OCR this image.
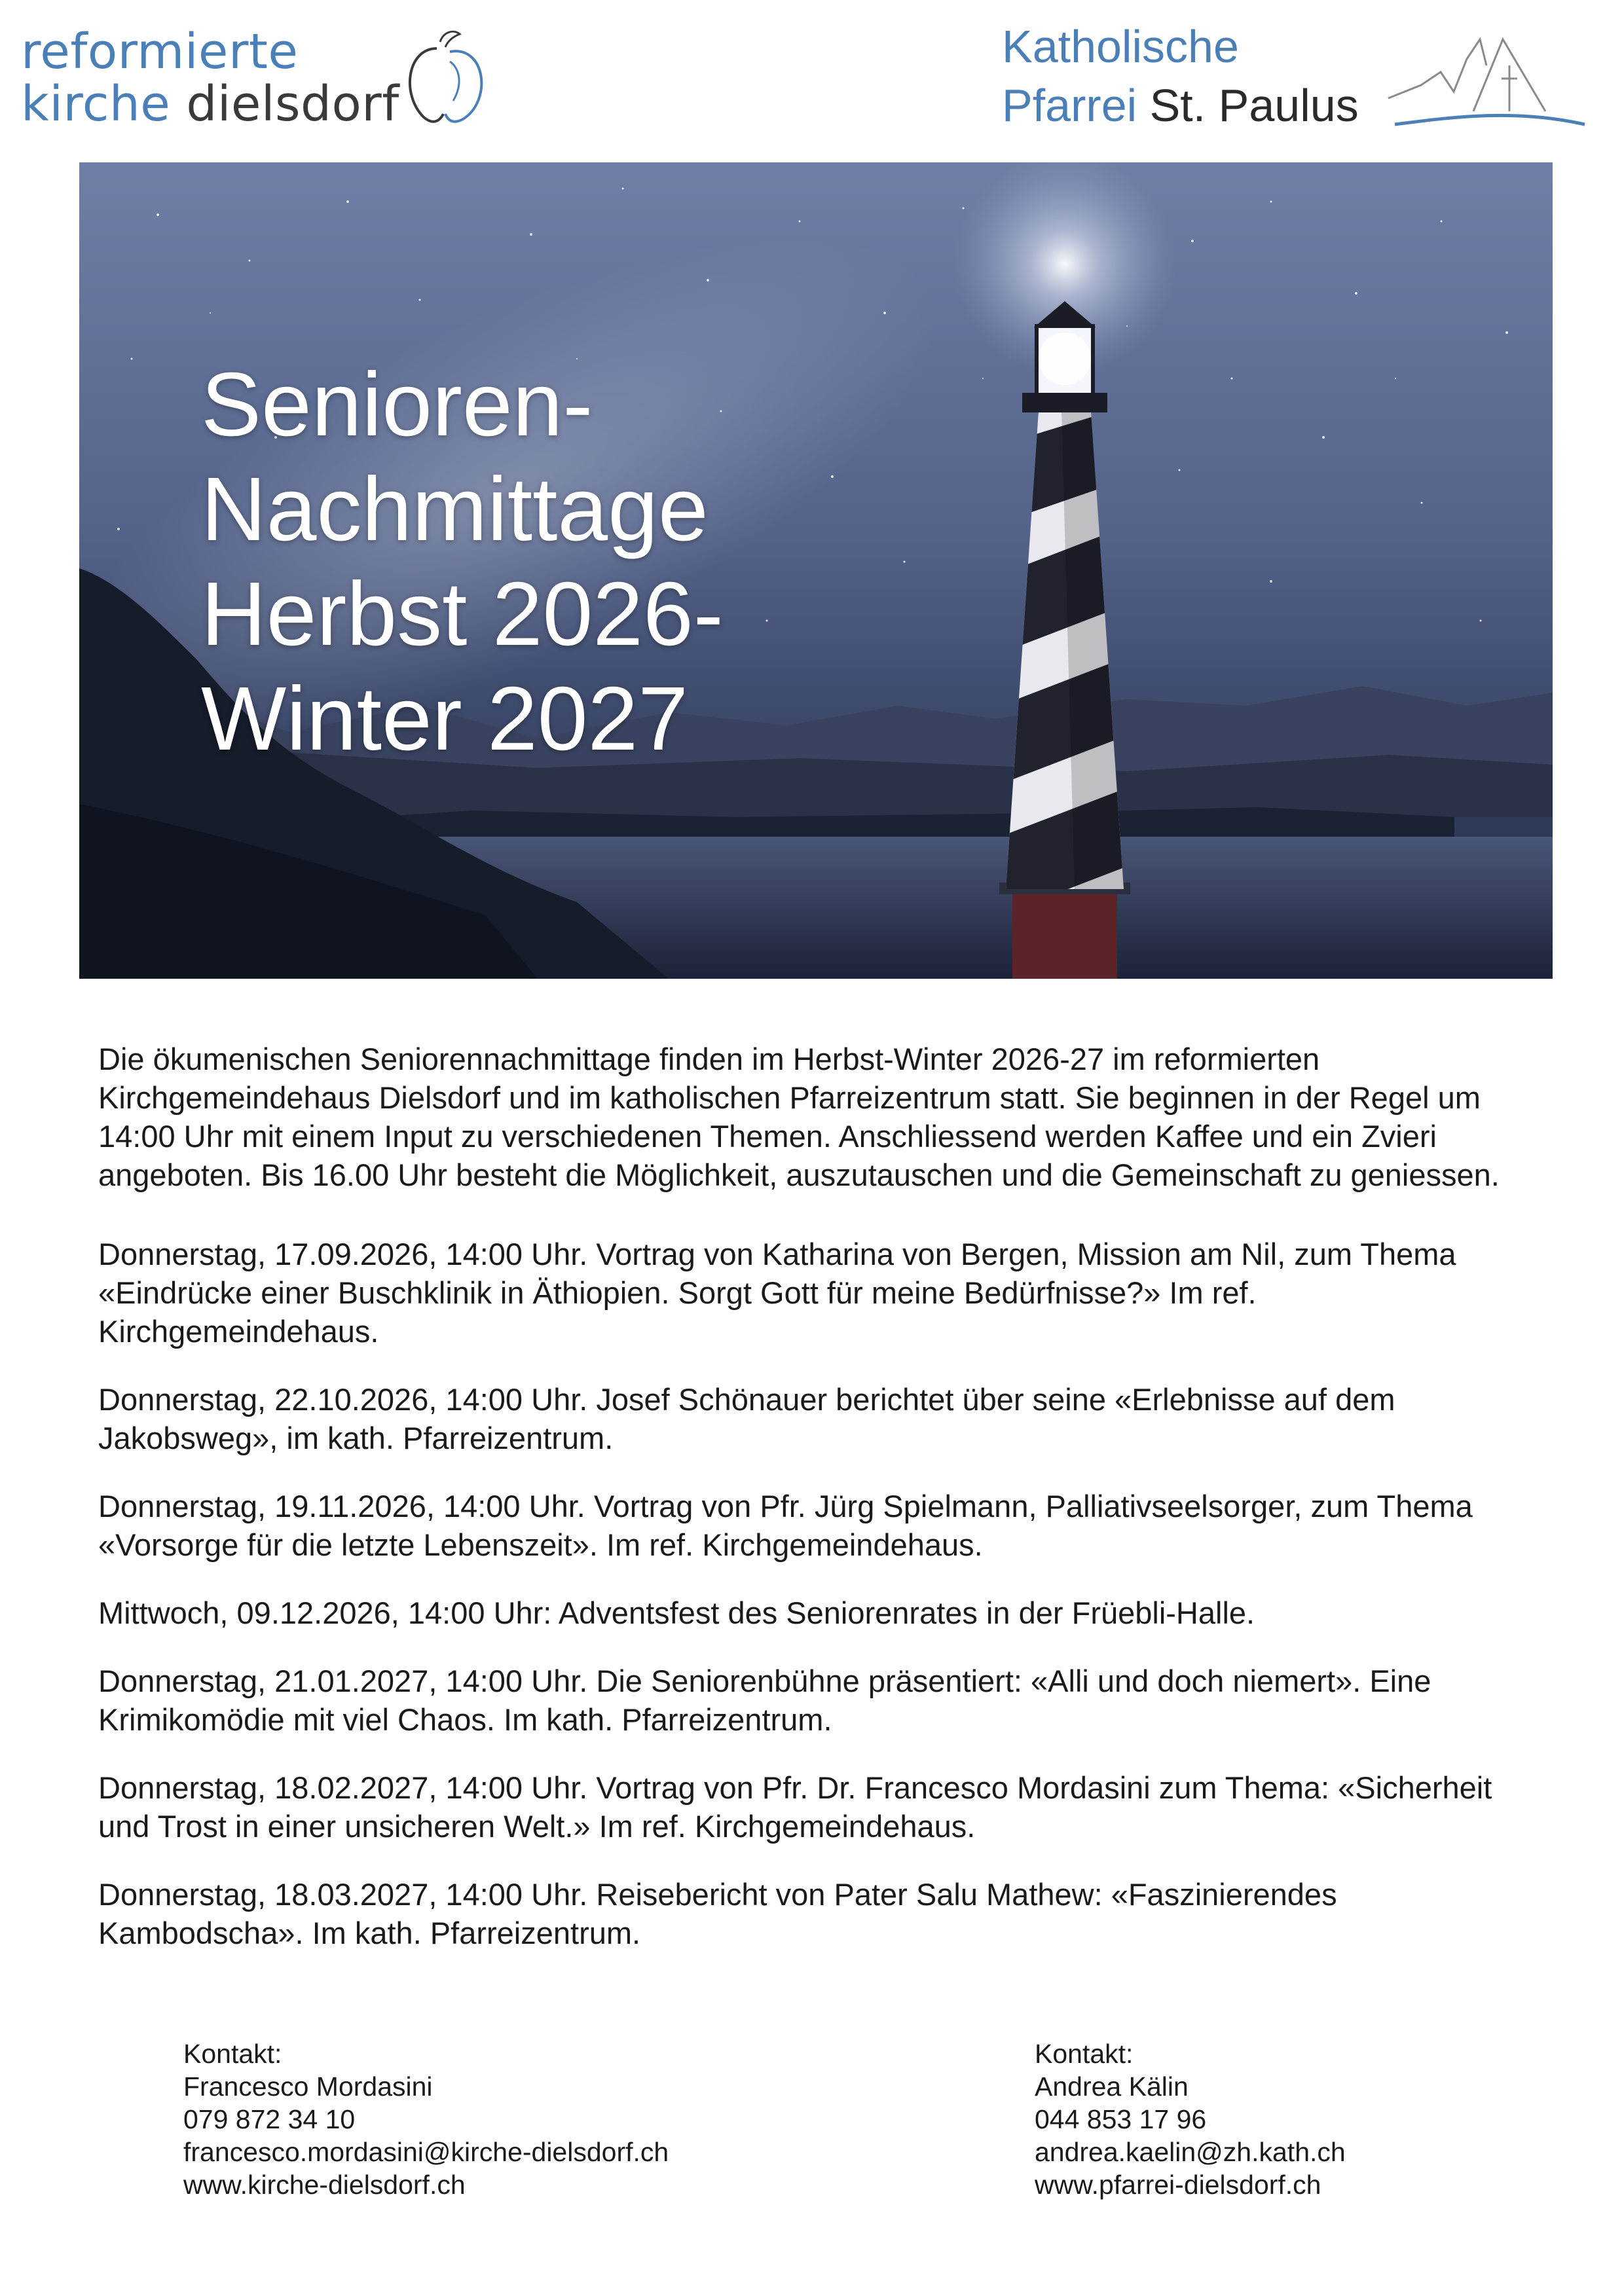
reformierte
kirche dielsdorf
Katholische
Pfarrei St. Paulus
Senioren-
Nachmittage
Herbst 2026-
Winter 2027

Die ökumenischen Seniorennachmittage finden im Herbst-Winter 2026-27 im reformierten Kirchgemeindehaus Dielsdorf und im katholischen Pfarreizentrum statt. Sie beginnen in der Regel um 14:00 Uhr mit einem Input zu verschiedenen Themen. Anschliessend werden Kaffee und ein Zvieri angeboten. Bis 16.00 Uhr besteht die Möglichkeit, auszutauschen und die Gemeinschaft zu geniessen.

Donnerstag, 17.09.2026, 14:00 Uhr. Vortrag von Katharina von Bergen, Mission am Nil, zum Thema «Eindrücke einer Buschklinik in Äthiopien. Sorgt Gott für meine Bedürfnisse?» Im ref. Kirchgemeindehaus.

Donnerstag, 22.10.2026, 14:00 Uhr. Josef Schönauer berichtet über seine «Erlebnisse auf dem Jakobsweg», im kath. Pfarreizentrum.

Donnerstag, 19.11.2026, 14:00 Uhr. Vortrag von Pfr. Jürg Spielmann, Palliativseelsorger, zum Thema «Vorsorge für die letzte Lebenszeit». Im ref. Kirchgemeindehaus.

Mittwoch, 09.12.2026, 14:00 Uhr: Adventsfest des Seniorenrates in der Früebli-Halle.

Donnerstag, 21.01.2027, 14:00 Uhr. Die Seniorenbühne präsentiert: «Alli und doch niemert». Eine Krimikomödie mit viel Chaos. Im kath. Pfarreizentrum.

Donnerstag, 18.02.2027, 14:00 Uhr. Vortrag von Pfr. Dr. Francesco Mordasini zum Thema: «Sicherheit und Trost in einer unsicheren Welt.» Im ref. Kirchgemeindehaus.

Donnerstag, 18.03.2027, 14:00 Uhr. Reisebericht von Pater Salu Mathew: «Faszinierendes Kambodscha». Im kath. Pfarreizentrum.

Kontakt:
Francesco Mordasini
079 872 34 10
francesco.mordasini@kirche-dielsdorf.ch
www.kirche-dielsdorf.ch
Kontakt:
Andrea Kälin
044 853 17 96
andrea.kaelin@zh.kath.ch
www.pfarrei-dielsdorf.ch
